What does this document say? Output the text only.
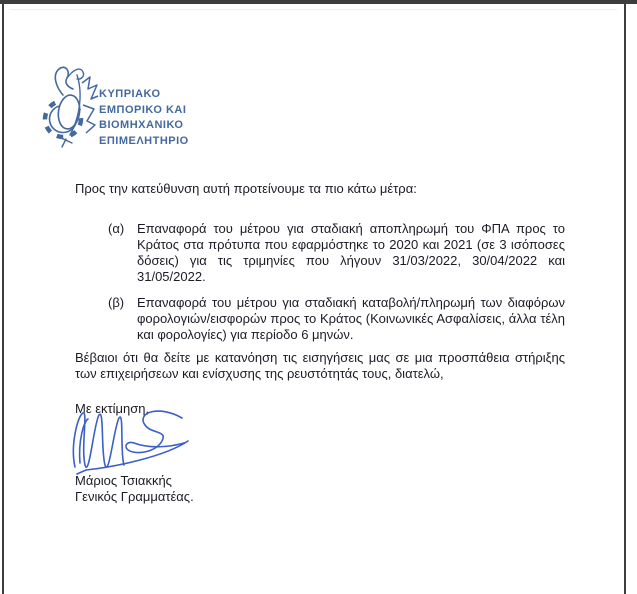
ΚΥΠΡΙΑΚΟ
ΕΜΠΟΡΙΚΟ ΚΑΙ
ΒΙΟΜΗΧΑΝΙΚΟ
ΕΠΙΜΕΛΗΤΗΡΙΟ
Προς την κατεύθυνση αυτή προτείνουμε τα πιο κάτω μέτρα:
(α) Επαναφορά του μέτρου για σταδιακή αποπληρωμή του ΦΠΑ προς το Κράτος στα πρότυπα που εφαρμόστηκε το 2020 και 2021 (σε 3 ισόποσες δόσεις) για τις τριμηνίες που λήγουν 31/03/2022, 30/04/2022 και 31/05/2022.
(β) Επαναφορά του μέτρου για σταδιακή καταβολή/πληρωμή των διαφόρων φορολογιών/εισφορών προς το Κράτος (Κοινωνικές Ασφαλίσεις, άλλα τέλη και φορολογίες) για περίοδο 6 μηνών.
Βέβαιοι ότι θα δείτε με κατανόηση τις εισηγήσεις μας σε μια προσπάθεια στήριξης των επιχειρήσεων και ενίσχυσης της ρευστότητάς τους, διατελώ,
Με εκτίμηση,
Μάριος Τσιακκής
Γενικός Γραμματέας.
